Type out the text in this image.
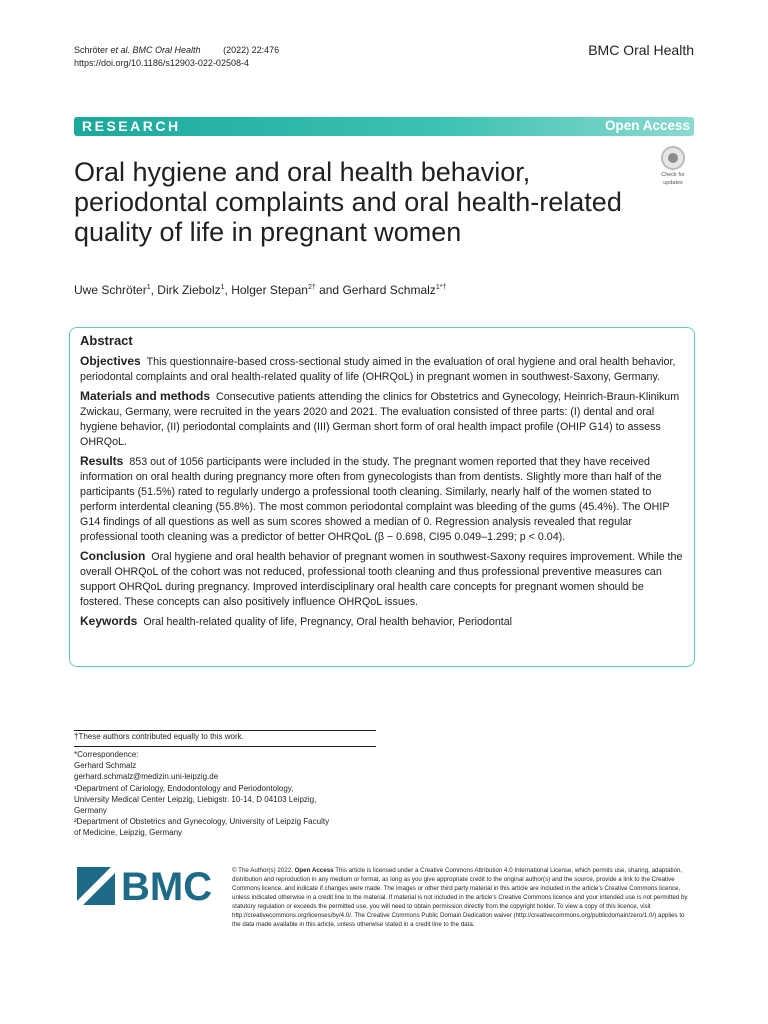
Schröter et al. BMC Oral Health	(2022) 22:476
https://doi.org/10.1186/s12903-022-02508-4
BMC Oral Health
RESEARCH	Open Access
Check for
updates
Oral hygiene and oral health behavior, periodontal complaints and oral health-related quality of life in pregnant women
Uwe Schröter$^1$, Dirk Ziebolz$^1$, Holger Stepan$^{2\dagger}$ and Gerhard Schmalz$^{1*\dagger}$
Abstract

Objectives This questionnaire-based cross-sectional study aimed in the evaluation of oral hygiene and oral health behavior, periodontal complaints and oral health-related quality of life (OHRQoL) in pregnant women in southwest-Saxony, Germany.

Materials and methods Consecutive patients attending the clinics for Obstetrics and Gynecology, Heinrich-Braun-Klinikum Zwickau, Germany, were recruited in the years 2020 and 2021. The evaluation consisted of three parts: (I) dental and oral hygiene behavior, (II) periodontal complaints and (III) German short form of oral health impact profile (OHIP G14) to assess OHRQoL.

Results 853 out of 1056 participants were included in the study. The pregnant women reported that they have received information on oral health during pregnancy more often from gynecologists than from dentists. Slightly more than half of the participants (51.5%) rated to regularly undergo a professional tooth cleaning. Similarly, nearly half of the women stated to perform interdental cleaning (55.8%). The most common periodontal complaint was bleeding of the gums (45.4%). The OHIP G14 findings of all questions as well as sum scores showed a median of 0. Regression analysis revealed that regular professional tooth cleaning was a predictor of better OHRQoL (β − 0.698, CI95 0.049–1.299; p < 0.04).

Conclusion Oral hygiene and oral health behavior of pregnant women in southwest-Saxony requires improvement. While the overall OHRQoL of the cohort was not reduced, professional tooth cleaning and thus professional preventive measures can support OHRQoL during pregnancy. Improved interdisciplinary oral health care concepts for pregnant women should be fostered. These concepts can also positively influence OHRQoL issues.

Keywords Oral health-related quality of life, Pregnancy, Oral health behavior, Periodontal

†These authors contributed equally to this work.
*Correspondence:
Gerhard Schmalz
gerhard.schmalz@medizin.uni-leipzig.de
¹Department of Cariology, Endodontology and Periodontology,
University Medical Center Leipzig, Liebigstr. 10-14, D 04103 Leipzig,
Germany
²Department of Obstetrics and Gynecology, University of Leipzig Faculty
of Medicine, Leipzig, Germany
BMC	© The Author(s) 2022. Open Access This article is licensed under a Creative Commons Attribution 4.0 International License, which permits use, sharing, adaptation, distribution and reproduction in any medium or format, as long as you give appropriate credit to the original author(s) and the source, provide a link to the Creative Commons licence, and indicate if changes were made. The images or other third party material in this article are included in the article's Creative Commons licence, unless indicated otherwise in a credit line to the material. If material is not included in the article's Creative Commons licence and your intended use is not permitted by statutory regulation or exceeds the permitted use, you will need to obtain permission directly from the copyright holder. To view a copy of this licence, visit http://creativecommons.org/licenses/by/4.0/. The Creative Commons Public Domain Dedication waiver (http://creativecommons.org/publicdomain/zero/1.0/) applies to the data made available in this article, unless otherwise stated in a credit line to the data.
